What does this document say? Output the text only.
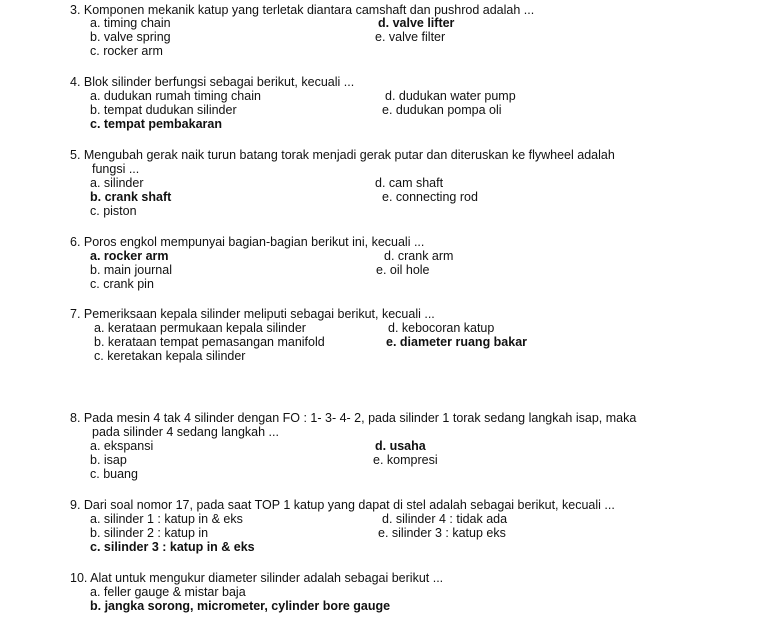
3. Komponen mekanik katup yang terletak diantara camshaft dan pushrod adalah ...
a. timing chain
b. valve spring
c. rocker arm
d. valve lifter
e. valve filter
4. Blok silinder berfungsi sebagai berikut, kecuali ...
a. dudukan rumah timing chain
b. tempat dudukan silinder
c. tempat pembakaran
d. dudukan water pump
e. dudukan pompa oli
5. Mengubah gerak naik turun batang torak menjadi gerak putar dan diteruskan ke flywheel adalah
fungsi ...
a. silinder
b. crank shaft
c. piston
d. cam shaft
e. connecting rod
6. Poros engkol mempunyai bagian-bagian berikut ini, kecuali ...
a. rocker arm
b. main journal
c. crank pin
d. crank arm
e. oil hole
7. Pemeriksaan kepala silinder meliputi sebagai berikut, kecuali ...
a. kerataan permukaan kepala silinder
b. kerataan tempat pemasangan manifold
c. keretakan kepala silinder
d. kebocoran katup
e. diameter ruang bakar
8. Pada mesin 4 tak 4 silinder dengan FO : 1- 3- 4- 2, pada silinder 1 torak sedang langkah isap, maka
pada silinder 4 sedang langkah ...
a. ekspansi
b. isap
c. buang
d. usaha
e. kompresi
9. Dari soal nomor 17, pada saat TOP 1 katup yang dapat di stel adalah sebagai berikut, kecuali ...
a. silinder 1 : katup in & eks
b. silinder 2 : katup in
c. silinder 3 : katup in & eks
d. silinder 4 : tidak ada
e. silinder 3 : katup eks
10. Alat untuk mengukur diameter silinder adalah sebagai berikut ...
a. feller gauge & mistar baja
b. jangka sorong, micrometer, cylinder bore gauge
